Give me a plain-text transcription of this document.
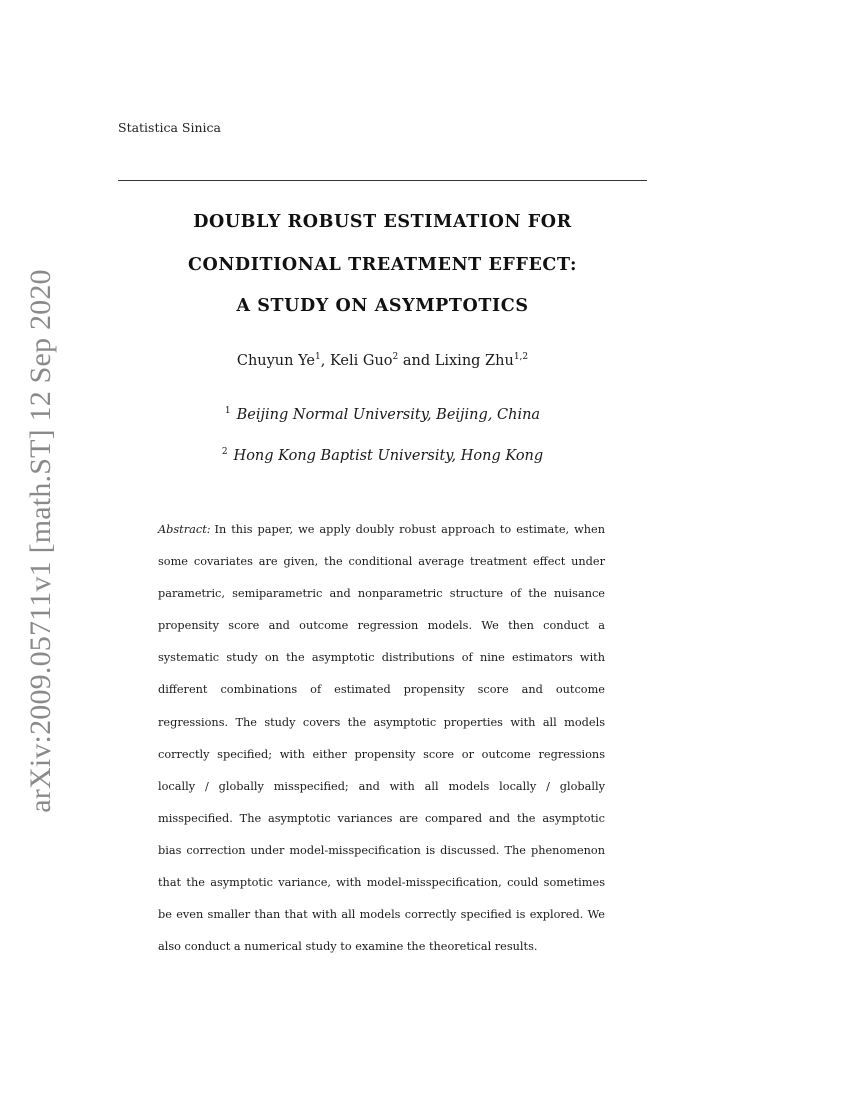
arXiv:2009.05711v1 [math.ST] 12 Sep 2020
Statistica Sinica
DOUBLY ROBUST ESTIMATION FOR
CONDITIONAL TREATMENT EFFECT:
A STUDY ON ASYMPTOTICS
Chuyun Ye$^1$, Keli Guo$^2$ and Lixing Zhu$^{1,2}$
$^1$ Beijing Normal University, Beijing, China
$^2$ Hong Kong Baptist University, Hong Kong
Abstract: In this paper, we apply doubly robust approach to estimate, when some covariates are given, the conditional average treatment effect under parametric, semiparametric and nonparametric structure of the nuisance propensity score and outcome regression models. We then conduct a systematic study on the asymptotic distributions of nine estimators with different combinations of estimated propensity score and outcome regressions. The study covers the asymptotic properties with all models correctly specified; with either propensity score or outcome regressions locally / globally misspecified; and with all models locally / globally misspecified. The asymptotic variances are compared and the asymptotic bias correction under model-misspecification is discussed. The phenomenon that the asymptotic variance, with model-misspecification, could sometimes be even smaller than that with all models correctly specified is explored. We also conduct a numerical study to examine the theoretical results.
